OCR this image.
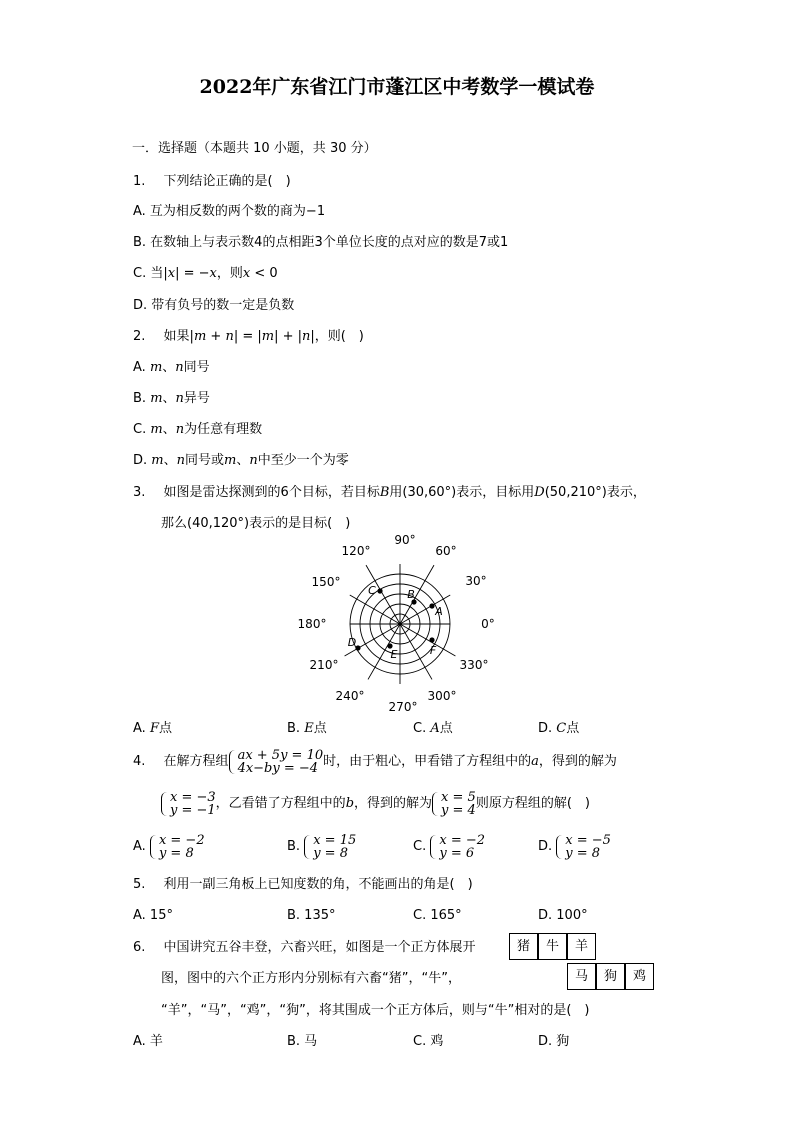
2022年广东省江门市蓬江区中考数学一模试卷
一．选择题（本题共 10 小题，共 30 分）
1. 下列结论正确的是(　)
A. 互为相反数的两个数的商为−1
B. 在数轴上与表示数4的点相距3个单位长度的点对应的数是7或1
C. 当|x| = −x，则x < 0
D. 带有负号的数一定是负数
2. 如果|m + n| = |m| + |n|，则(　)
A. m、n同号
B. m、n异号
C. m、n为任意有理数
D. m、n同号或m、n中至少一个为零
3. 如图是雷达探测到的6个目标，若目标B用(30,60°)表示，目标用D(50,210°)表示，
那么(40,120°)表示的是目标(　)
90°
60°
30°
0°
330°
300°
270°
240°
210°
180°
150°
120°
A
B
C
D
E	F
A. F点	B. E点	C. A点	D. C点
4. 在解方程组 ax + 5y = 10
4x−by = −4 时，由于粗心，甲看错了方程组中的a，得到的解为
x = −3
y = −1 ，乙看错了方程组中的b，得到的解为 x = 5
y = 4 则原方程组的解(　)
A. x = −2
y = 8	B. x = 15
y = 8	C. x = −2
y = 6	D. x = −5
y = 8
5. 利用一副三角板上已知度数的角，不能画出的角是(　)
A. 15°	B. 135°	C. 165°	D. 100°
6. 中国讲究五谷丰登，六畜兴旺，如图是一个正方体展开
图，图中的六个正方形内分别标有六畜“猪”，“牛”，
“羊”，“马”，“鸡”，“狗”，将其围成一个正方体后，则与“牛”相对的是(　)
猪	牛	羊
马	狗	鸡
A. 羊	B. 马	C. 鸡	D. 狗
